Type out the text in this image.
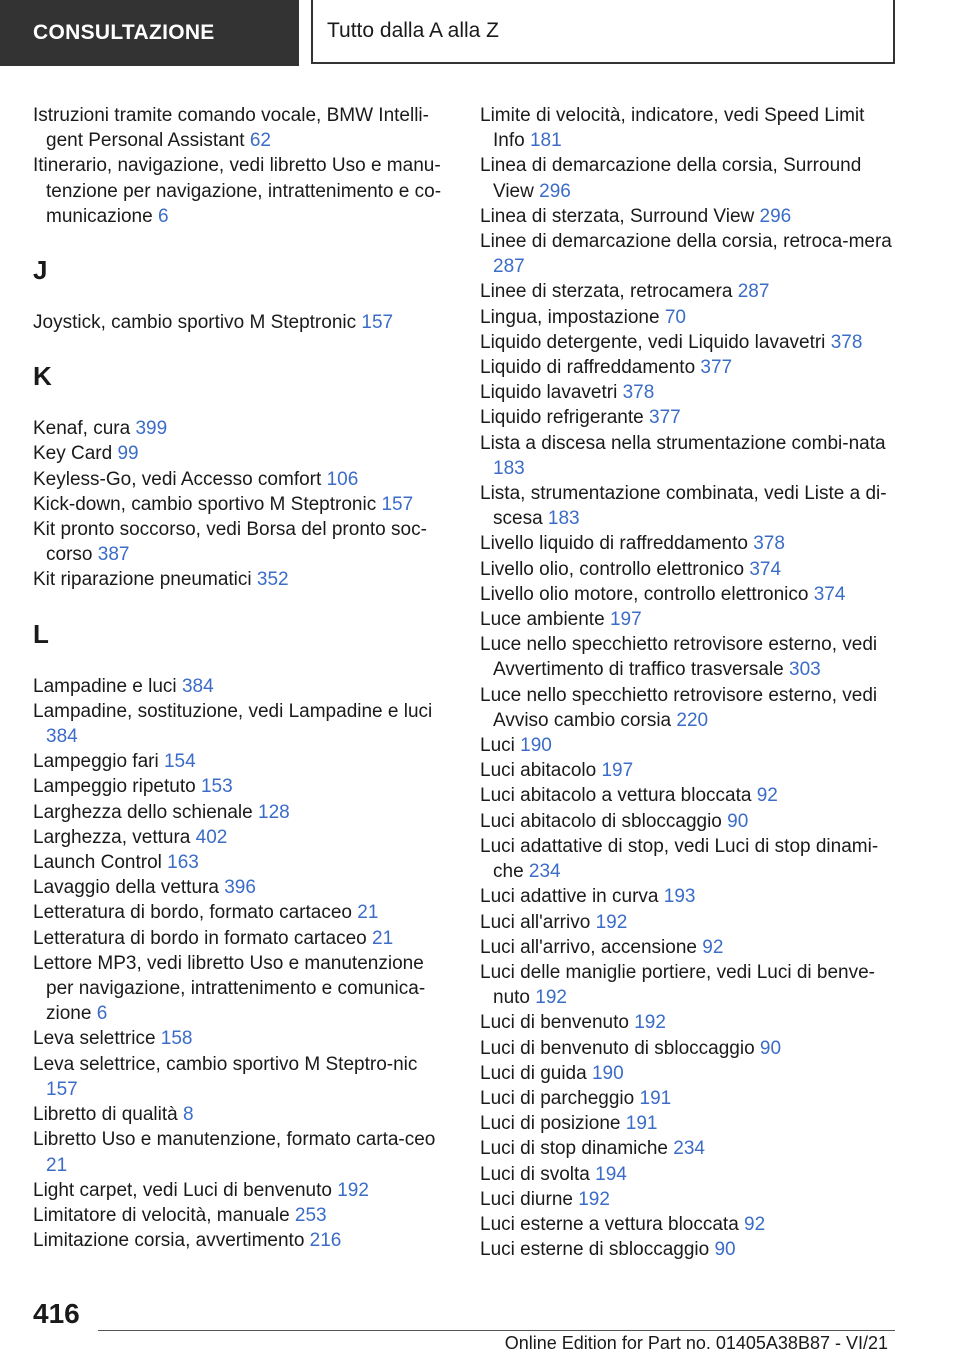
CONSULTAZIONE	Tutto dalla A alla Z
Istruzioni tramite comando vocale, BMW Intelli-gent Personal Assistant 62
Itinerario, navigazione, vedi libretto Uso e manu-tenzione per navigazione, intrattenimento e co-municazione 6
J
Joystick, cambio sportivo M Steptronic 157
K
Kenaf, cura 399
Key Card 99
Keyless-Go, vedi Accesso comfort 106
Kick-down, cambio sportivo M Steptronic 157
Kit pronto soccorso, vedi Borsa del pronto soc-corso 387
Kit riparazione pneumatici 352
L
Lampadine e luci 384
Lampadine, sostituzione, vedi Lampadine e luci 384
Lampeggio fari 154
Lampeggio ripetuto 153
Larghezza dello schienale 128
Larghezza, vettura 402
Launch Control 163
Lavaggio della vettura 396
Letteratura di bordo, formato cartaceo 21
Letteratura di bordo in formato cartaceo 21
Lettore MP3, vedi libretto Uso e manutenzione per navigazione, intrattenimento e comunica-zione 6
Leva selettrice 158
Leva selettrice, cambio sportivo M Steptro-nic 157
Libretto di qualità 8
Libretto Uso e manutenzione, formato carta-ceo 21
Light carpet, vedi Luci di benvenuto 192
Limitatore di velocità, manuale 253
Limitazione corsia, avvertimento 216
Limite di velocità, indicatore, vedi Speed Limit Info 181
Linea di demarcazione della corsia, Surround View 296
Linea di sterzata, Surround View 296
Linee di demarcazione della corsia, retroca-mera 287
Linee di sterzata, retrocamera 287
Lingua, impostazione 70
Liquido detergente, vedi Liquido lavavetri 378
Liquido di raffreddamento 377
Liquido lavavetri 378
Liquido refrigerante 377
Lista a discesa nella strumentazione combi-nata 183
Lista, strumentazione combinata, vedi Liste a di-scesa 183
Livello liquido di raffreddamento 378
Livello olio, controllo elettronico 374
Livello olio motore, controllo elettronico 374
Luce ambiente 197
Luce nello specchietto retrovisore esterno, vedi Avvertimento di traffico trasversale 303
Luce nello specchietto retrovisore esterno, vedi Avviso cambio corsia 220
Luci 190
Luci abitacolo 197
Luci abitacolo a vettura bloccata 92
Luci abitacolo di sbloccaggio 90
Luci adattative di stop, vedi Luci di stop dinami-che 234
Luci adattive in curva 193
Luci all'arrivo 192
Luci all'arrivo, accensione 92
Luci delle maniglie portiere, vedi Luci di benve-nuto 192
Luci di benvenuto 192
Luci di benvenuto di sbloccaggio 90
Luci di guida 190
Luci di parcheggio 191
Luci di posizione 191
Luci di stop dinamiche 234
Luci di svolta 194
Luci diurne 192
Luci esterne a vettura bloccata 92
Luci esterne di sbloccaggio 90
416
Online Edition for Part no. 01405A38B87 - VI/21
